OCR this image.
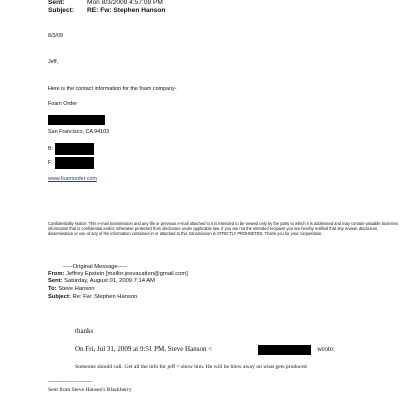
Sent:	Mon 8/3/2009 4:57:09 PM
Subject: RE: Fw: Stephen Hanson
8/3/09
Jeff,
Here is the contact information for the foam company-
Foam Order
San Francisco, CA 94103
B:
F:
www.foamorder.com
Confidentiality Notice: This e-mail transmission and any file or previous e-mail attached to it is intended to be viewed only by the party to which it is addressed and may contain valuable business information that is confidential and/or otherwise protected from disclosure under applicable law. If you are not the intended recipient you are hereby notified that any review, disclosure, dissemination or use of any of the information contained in or attached to this transmission is STRICTLY PROHIBITED. Thank you for your cooperation.
-----Original Message-----
From: Jeffrey Epstein [mailto:jeevacation@gmail.com]
Sent: Saturday, August 01, 2009 7:14 AM
To: Steve Hanson
Subject: Re: Fw: Stephen Hanson
thanks
On Fri, Jul 31, 2009 at 9:51 PM, Steve Hanson <	wrote:
Someone should call. Get all the info for jeff = show him. He will be blow away on what gets produced
------------------------
Sent from Steve Hansen's Blackberry
